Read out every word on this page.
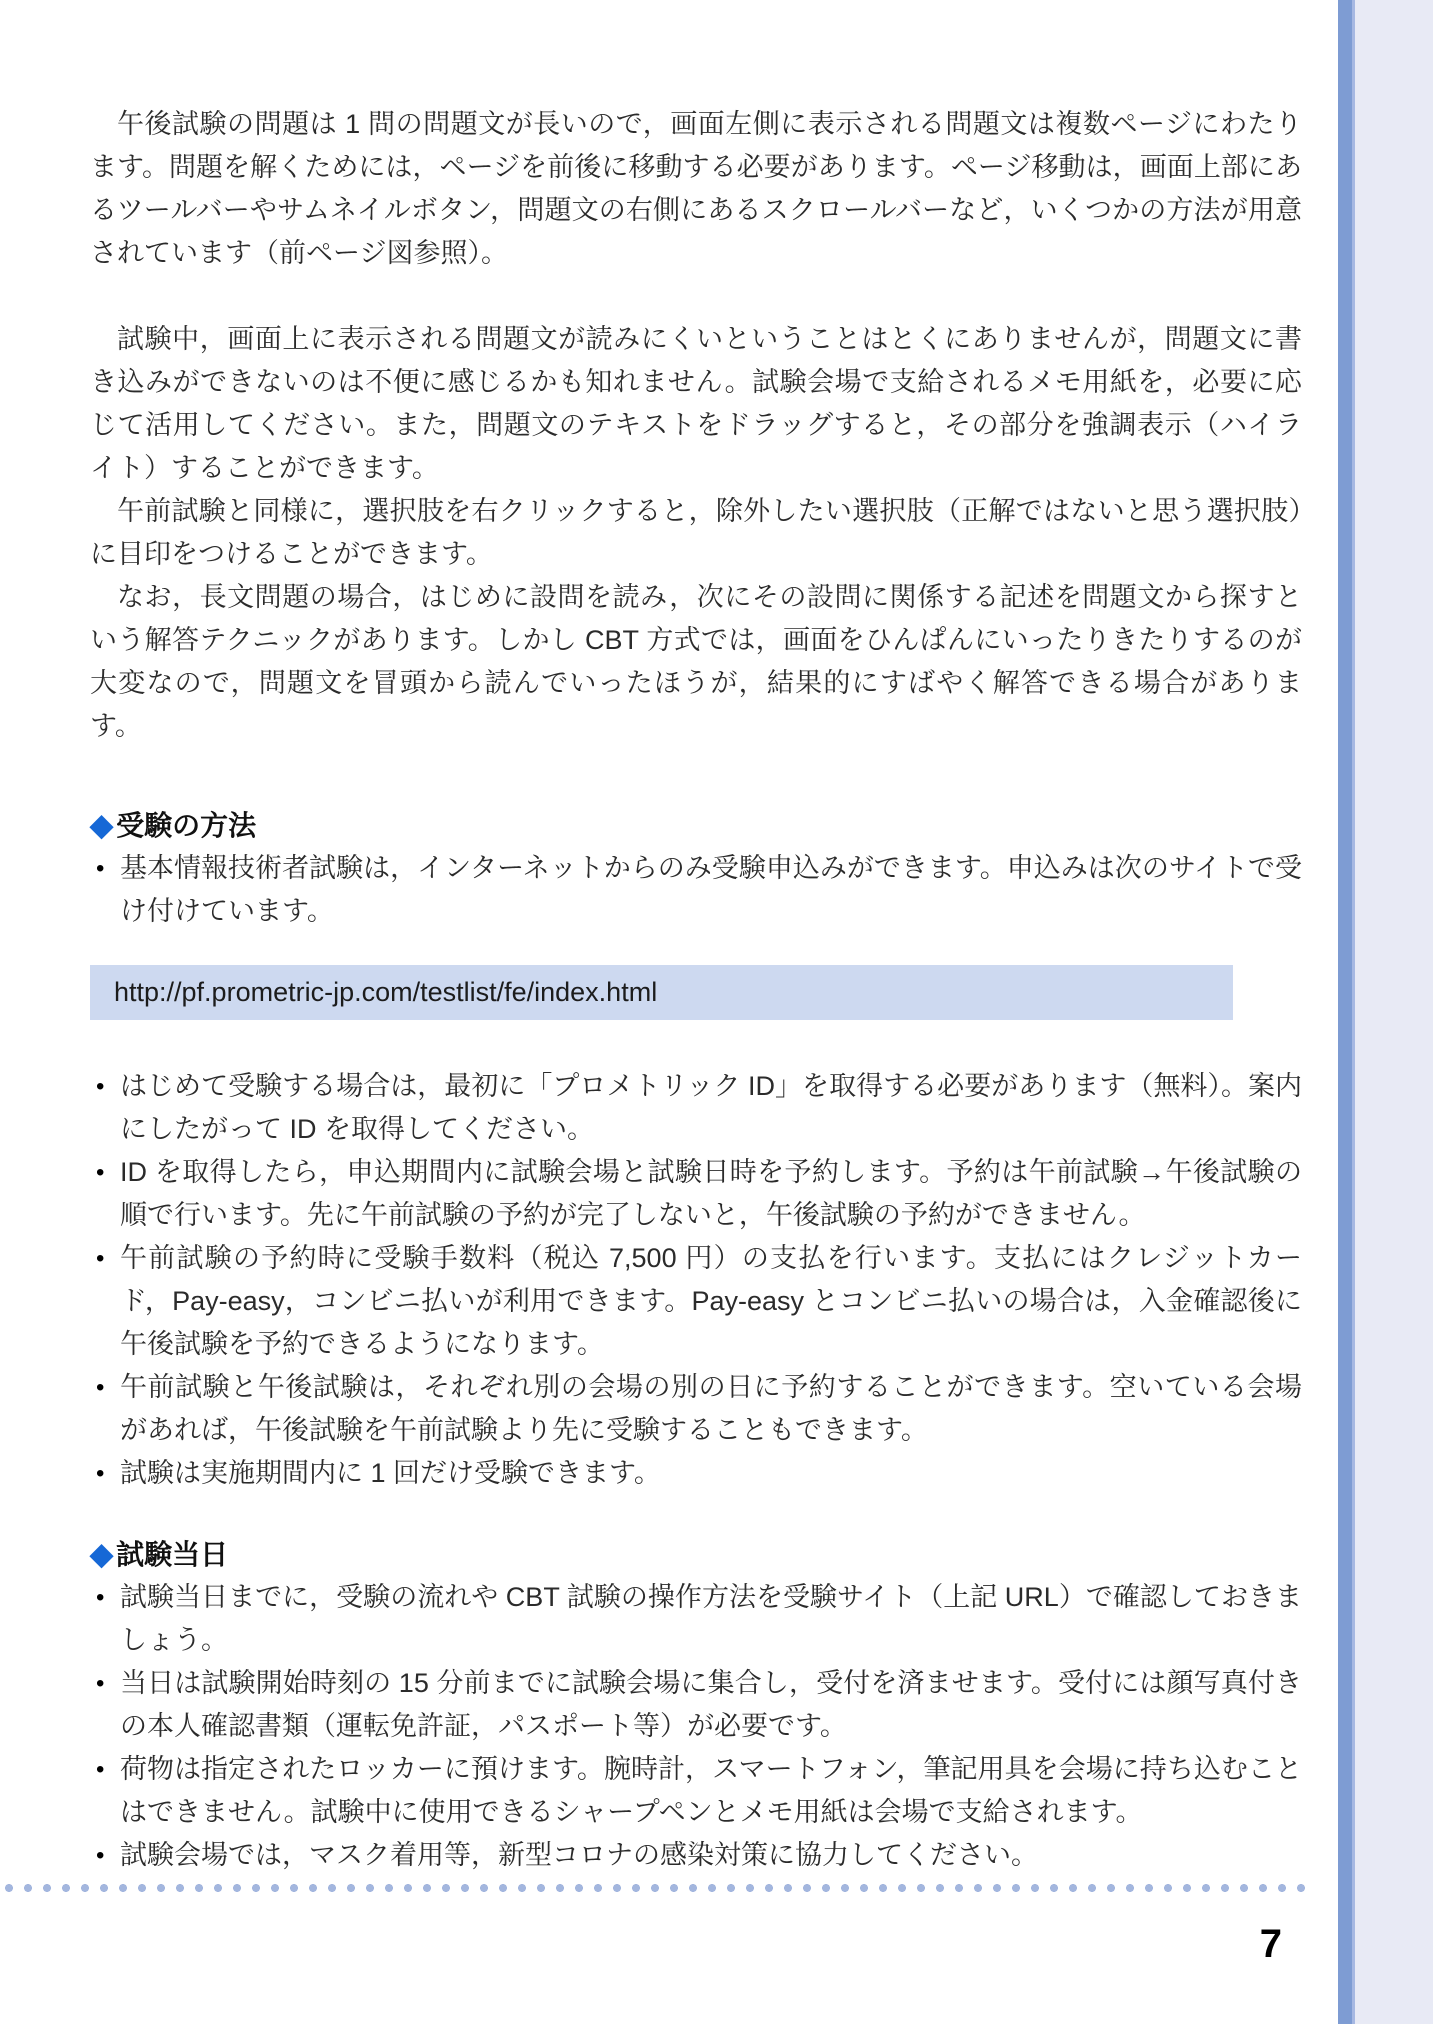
午後試験の問題は 1 問の問題文が長いので，画面左側に表示される問題文は複数ページにわたります。問題を解くためには，ページを前後に移動する必要があります。ページ移動は，画面上部にあるツールバーやサムネイルボタン，問題文の右側にあるスクロールバーなど，いくつかの方法が用意されています（前ページ図参照）。

試験中，画面上に表示される問題文が読みにくいということはとくにありませんが，問題文に書き込みができないのは不便に感じるかも知れません。試験会場で支給されるメモ用紙を，必要に応じて活用してください。また，問題文のテキストをドラッグすると，その部分を強調表示（ハイライト）することができます。

午前試験と同様に，選択肢を右クリックすると，除外したい選択肢（正解ではないと思う選択肢）に目印をつけることができます。

なお，長文問題の場合，はじめに設問を読み，次にその設問に関係する記述を問題文から探すという解答テクニックがあります。しかし CBT 方式では，画面をひんぱんにいったりきたりするのが大変なので，問題文を冒頭から読んでいったほうが，結果的にすばやく解答できる場合があります。

◆ 受験の方法
• 基本情報技術者試験は，インターネットからのみ受験申込みができます。申込みは次のサイトで受け付けています。
http://pf.prometric-jp.com/testlist/fe/index.html
• はじめて受験する場合は，最初に「プロメトリック ID」を取得する必要があります（無料）。案内にしたがって ID を取得してください。
• ID を取得したら，申込期間内に試験会場と試験日時を予約します。予約は午前試験→午後試験の順で行います。先に午前試験の予約が完了しないと，午後試験の予約ができません。
• 午前試験の予約時に受験手数料（税込 7,500 円）の支払を行います。支払にはクレジットカード，Pay-easy，コンビニ払いが利用できます。Pay-easy とコンビニ払いの場合は，入金確認後に午後試験を予約できるようになります。
• 午前試験と午後試験は，それぞれ別の会場の別の日に予約することができます。空いている会場があれば，午後試験を午前試験より先に受験することもできます。
• 試験は実施期間内に 1 回だけ受験できます。
◆ 試験当日
• 試験当日までに，受験の流れや CBT 試験の操作方法を受験サイト（上記 URL）で確認しておきましょう。
• 当日は試験開始時刻の 15 分前までに試験会場に集合し，受付を済ませます。受付には顔写真付きの本人確認書類（運転免許証，パスポート等）が必要です。
• 荷物は指定されたロッカーに預けます。腕時計，スマートフォン，筆記用具を会場に持ち込むことはできません。試験中に使用できるシャープペンとメモ用紙は会場で支給されます。
• 試験会場では，マスク着用等，新型コロナの感染対策に協力してください。
7
